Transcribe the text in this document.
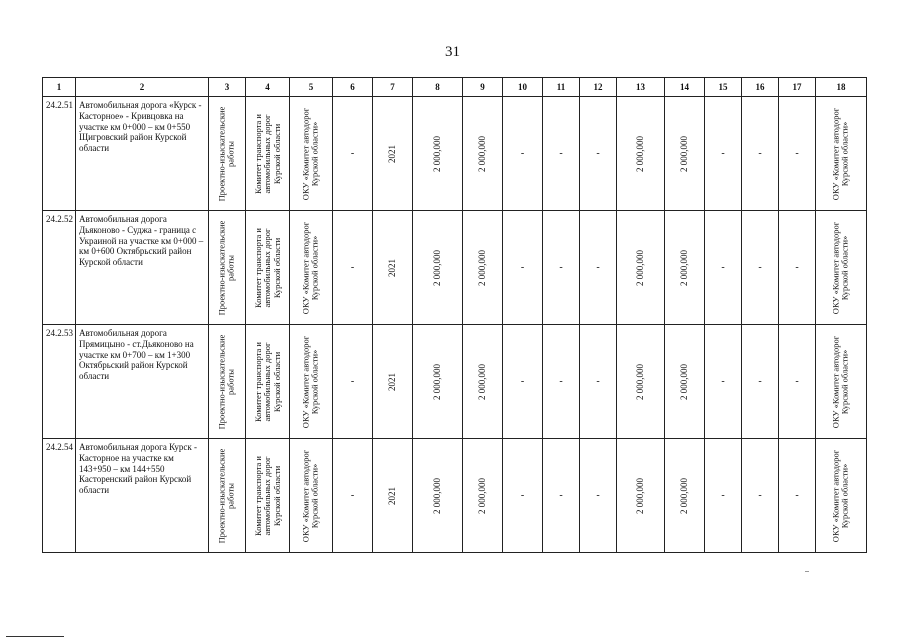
31
1	2	3	4	5	6	7	8	9	10	11	12	13	14	15	16	17	18
24.2.51	Автомобильная дорога «Курск - Касторное» - Кривцовка на участке км 0+000 – км 0+550 Щигровский район Курской области	Проектно-изыскательские работы	Комитет транспорта и автомобильных дорог Курской области	ОКУ «Комитет автодорог Курской области»	-	2021	2 000,000	2 000,000	-	-	-	2 000,000	2 000,000	-	-	-	ОКУ «Комитет автодорог Курской области»

24.2.52	Автомобильная дорога Дьяконово - Суджа - граница с Украиной на участке км 0+000 – км 0+600 Октябрьский район Курской области	Проектно-изыскательские работы	Комитет транспорта и автомобильных дорог Курской области	ОКУ «Комитет автодорог Курской области»	-	2021	2 000,000	2 000,000	-	-	-	2 000,000	2 000,000	-	-	-	ОКУ «Комитет автодорог Курской области»

24.2.53	Автомобильная дорога Прямицыно - ст.Дьяконово на участке км 0+700 – км 1+300 Октябрьский район Курской области	Проектно-изыскательские работы	Комитет транспорта и автомобильных дорог Курской области	ОКУ «Комитет автодорог Курской области»	-	2021	2 000,000	2 000,000	-	-	-	2 000,000	2 000,000	-	-	-	ОКУ «Комитет автодорог Курской области»

24.2.54	Автомобильная дорога Курск - Касторное на участке км 143+950 – км 144+550 Касторенский район Курской области	Проектно-изыскательские работы	Комитет транспорта и автомобильных дорог Курской области	ОКУ «Комитет автодорог Курской области»	-	2021	2 000,000	2 000,000	-	-	-	2 000,000	2 000,000	-	-	-	ОКУ «Комитет автодорог Курской области»
